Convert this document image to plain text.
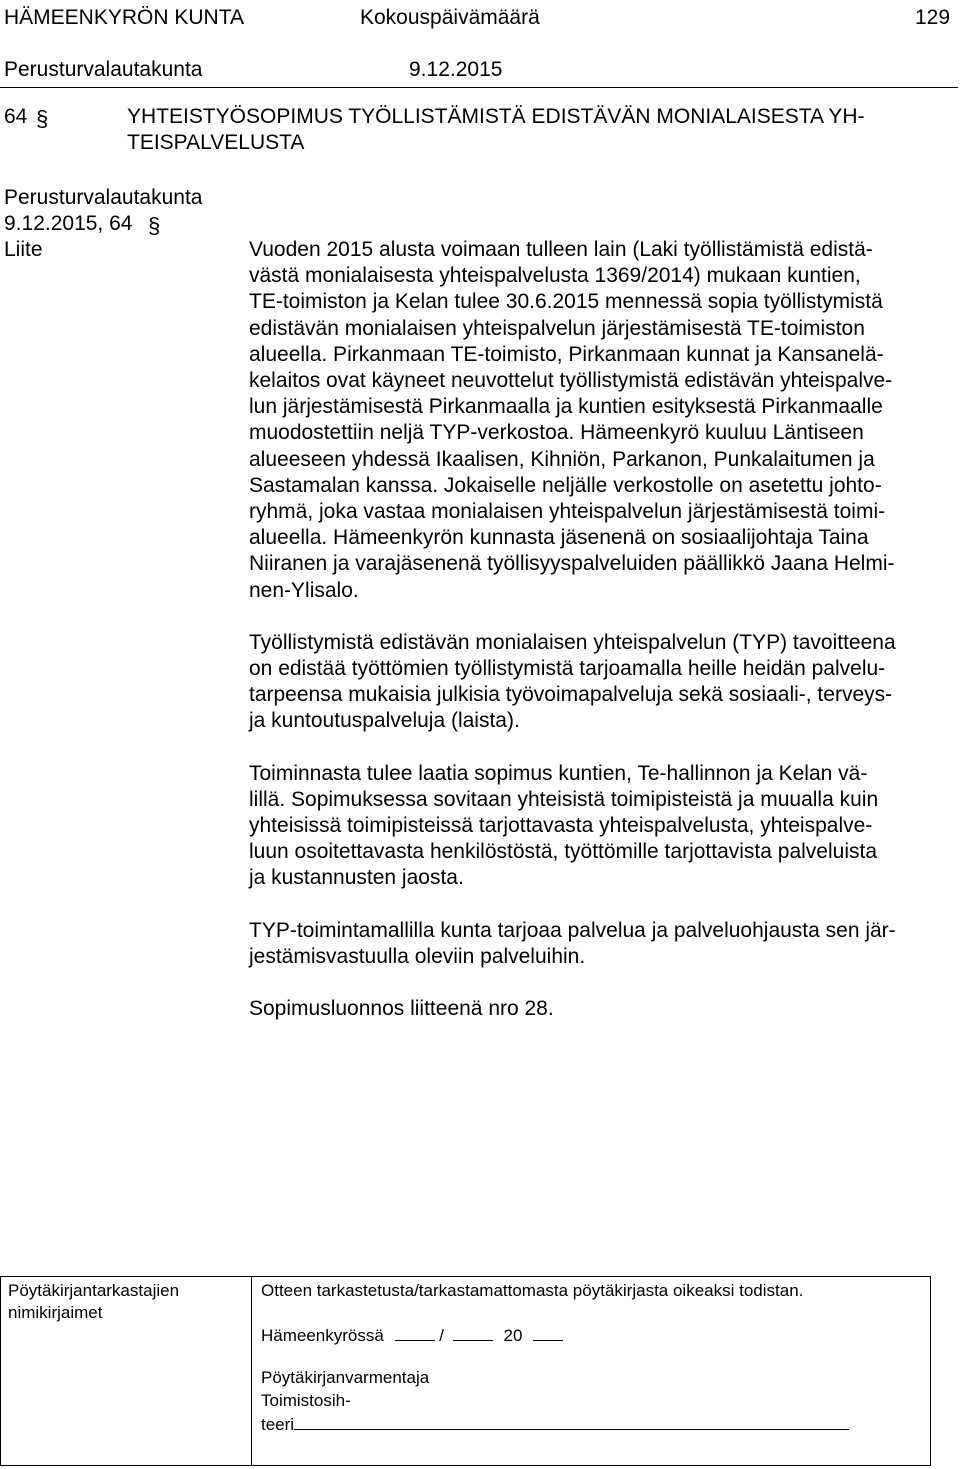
HÄMEENKYRÖN KUNTA	Kokouspäivämäärä	129
Perusturvalautakunta	9.12.2015
64 §	YHTEISTYÖSOPIMUS TYÖLLISTÄMISTÄ EDISTÄVÄN MONIALAISESTA YH-
TEISPALVELUSTA
Perusturvalautakunta
9.12.2015, 64 §
Liite	Vuoden 2015 alusta voimaan tulleen lain (Laki työllistämistä edistä-
västä monialaisesta yhteispalvelusta 1369/2014) mukaan kuntien,
TE-toimiston ja Kelan tulee 30.6.2015 mennessä sopia työllistymistä
edistävän monialaisen yhteispalvelun järjestämisestä TE-toimiston
alueella. Pirkanmaan TE-toimisto, Pirkanmaan kunnat ja Kansanelä-
kelaitos ovat käyneet neuvottelut työllistymistä edistävän yhteispalve-
lun järjestämisestä Pirkanmaalla ja kuntien esityksestä Pirkanmaalle
muodostettiin neljä TYP-verkostoa. Hämeenkyrö kuuluu Läntiseen
alueeseen yhdessä Ikaalisen, Kihniön, Parkanon, Punkalaitumen ja
Sastamalan kanssa. Jokaiselle neljälle verkostolle on asetettu johto-
ryhmä, joka vastaa monialaisen yhteispalvelun järjestämisestä toimi-
alueella. Hämeenkyrön kunnasta jäsenenä on sosiaalijohtaja Taina
Niiranen ja varajäsenenä työllisyyspalveluiden päällikkö Jaana Helmi-
nen-Ylisalo.

Työllistymistä edistävän monialaisen yhteispalvelun (TYP) tavoitteena
on edistää työttömien työllistymistä tarjoamalla heille heidän palvelu-
tarpeensa mukaisia julkisia työvoimapalveluja sekä sosiaali-, terveys-
ja kuntoutuspalveluja (laista).

Toiminnasta tulee laatia sopimus kuntien, Te-hallinnon ja Kelan vä-
lillä. Sopimuksessa sovitaan yhteisistä toimipisteistä ja muualla kuin
yhteisissä toimipisteissä tarjottavasta yhteispalvelusta, yhteispalve-
luun osoitettavasta henkilöstöstä, työttömille tarjottavista palveluista
ja kustannusten jaosta.

TYP-toimintamallilla kunta tarjoaa palvelua ja palveluohjausta sen jär-
jestämisvastuulla oleviin palveluihin.

Sopimusluonnos liitteenä nro 28.

Pöytäkirjantarkastajien
nimikirjaimet
Otteen tarkastetusta/tarkastamattomasta pöytäkirjasta oikeaksi todistan.
Hämeenkyrössä	/	20
Pöytäkirjanvarmentaja
Toimistosih-
teeri
